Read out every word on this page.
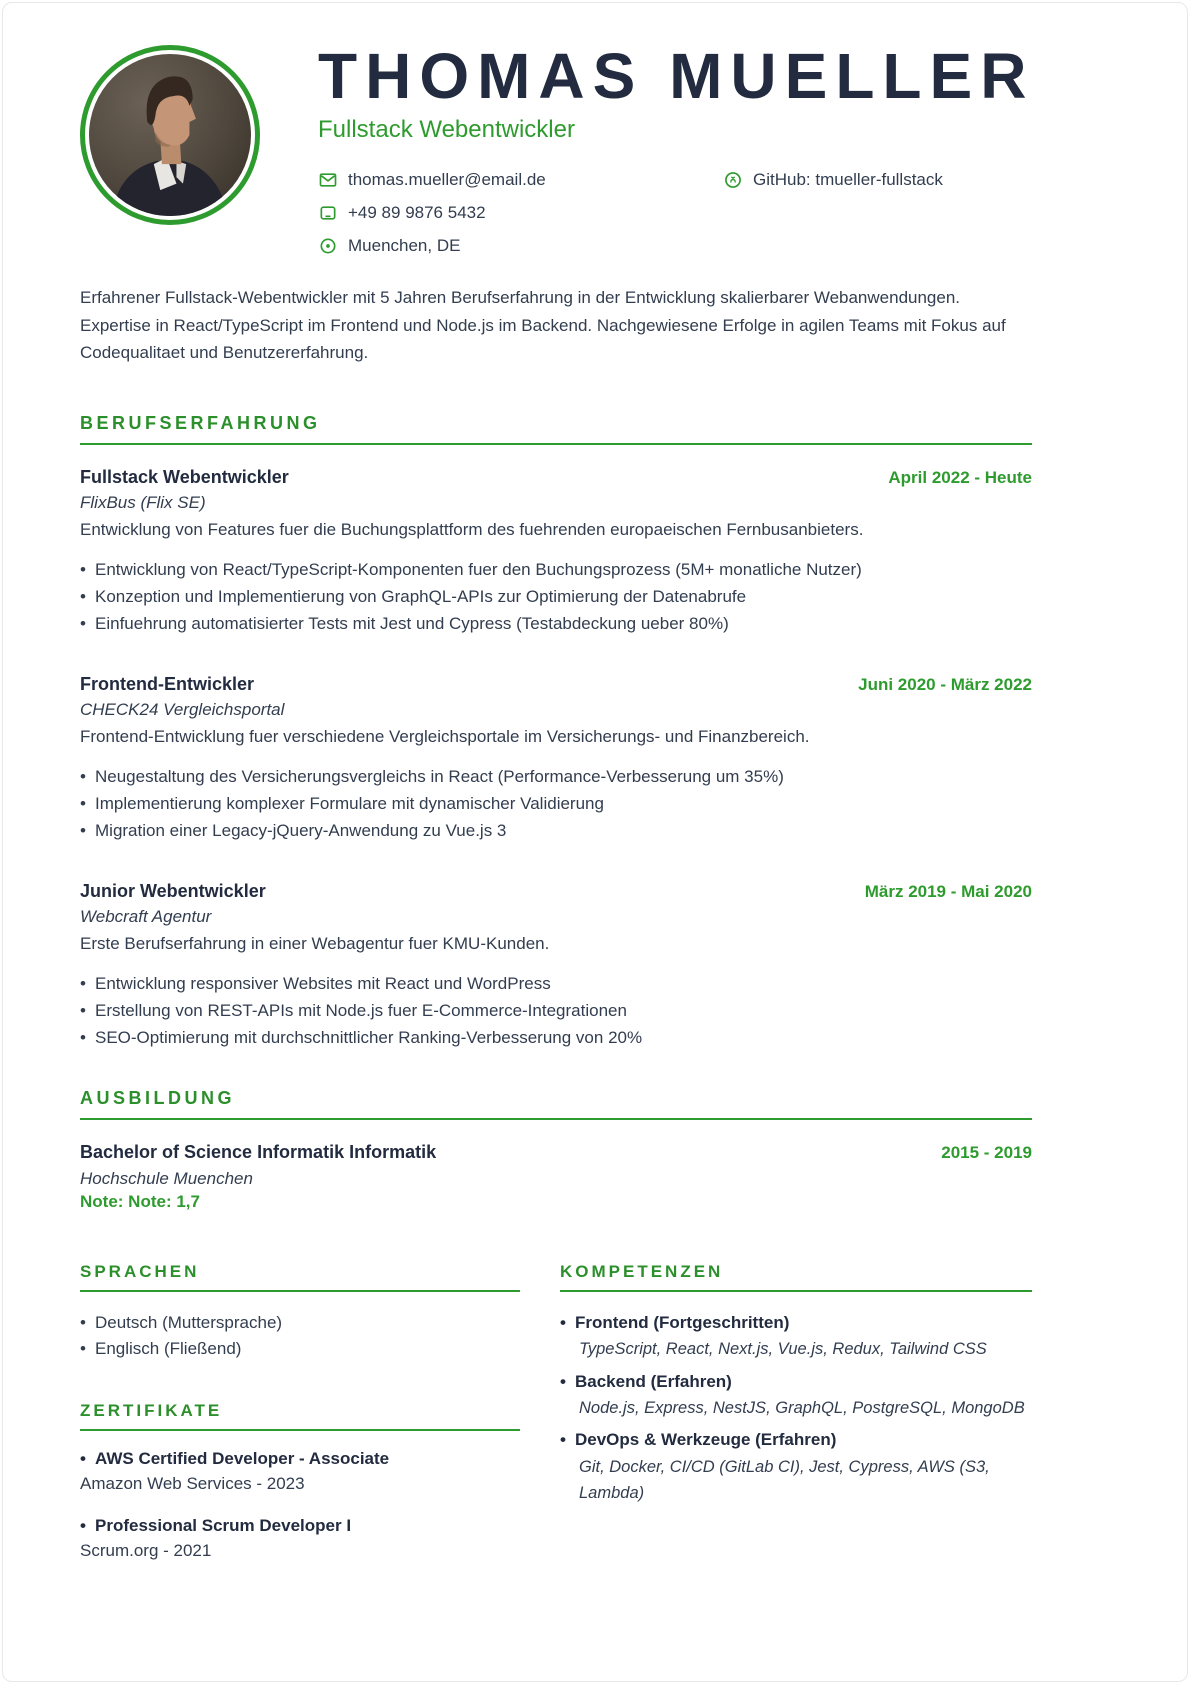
THOMAS MUELLER
Fullstack Webentwickler
thomas.mueller@email.de
+49 89 9876 5432
Muenchen, DE
GitHub: tmueller-fullstack

Erfahrener Fullstack-Webentwickler mit 5 Jahren Berufserfahrung in der Entwicklung skalierbarer Webanwendungen. Expertise in React/TypeScript im Frontend und Node.js im Backend. Nachgewiesene Erfolge in agilen Teams mit Fokus auf Codequalitaet und Benutzererfahrung.

BERUFSERFAHRUNG
Fullstack Webentwickler	April 2022 - Heute
FlixBus (Flix SE)
Entwicklung von Features fuer die Buchungsplattform des fuehrenden europaeischen Fernbusanbieters.
• Entwicklung von React/TypeScript-Komponenten fuer den Buchungsprozess (5M+ monatliche Nutzer)
• Konzeption und Implementierung von GraphQL-APIs zur Optimierung der Datenabrufe
• Einfuehrung automatisierter Tests mit Jest und Cypress (Testabdeckung ueber 80%)
Frontend-Entwickler	Juni 2020 - März 2022
CHECK24 Vergleichsportal
Frontend-Entwicklung fuer verschiedene Vergleichsportale im Versicherungs- und Finanzbereich.
• Neugestaltung des Versicherungsvergleichs in React (Performance-Verbesserung um 35%)
• Implementierung komplexer Formulare mit dynamischer Validierung
• Migration einer Legacy-jQuery-Anwendung zu Vue.js 3
Junior Webentwickler	März 2019 - Mai 2020
Webcraft Agentur
Erste Berufserfahrung in einer Webagentur fuer KMU-Kunden.
• Entwicklung responsiver Websites mit React und WordPress
• Erstellung von REST-APIs mit Node.js fuer E-Commerce-Integrationen
• SEO-Optimierung mit durchschnittlicher Ranking-Verbesserung von 20%
AUSBILDUNG
Bachelor of Science Informatik Informatik	2015 - 2019
Hochschule Muenchen
Note: Note: 1,7
SPRACHEN
• Deutsch (Muttersprache)
• Englisch (Fließend)
ZERTIFIKATE
• AWS Certified Developer - Associate
Amazon Web Services - 2023
• Professional Scrum Developer I
Scrum.org - 2021
KOMPETENZEN
• Frontend (Fortgeschritten)
TypeScript, React, Next.js, Vue.js, Redux, Tailwind CSS
• Backend (Erfahren)
Node.js, Express, NestJS, GraphQL, PostgreSQL, MongoDB
• DevOps & Werkzeuge (Erfahren)
Git, Docker, CI/CD (GitLab CI), Jest, Cypress, AWS (S3, Lambda)
